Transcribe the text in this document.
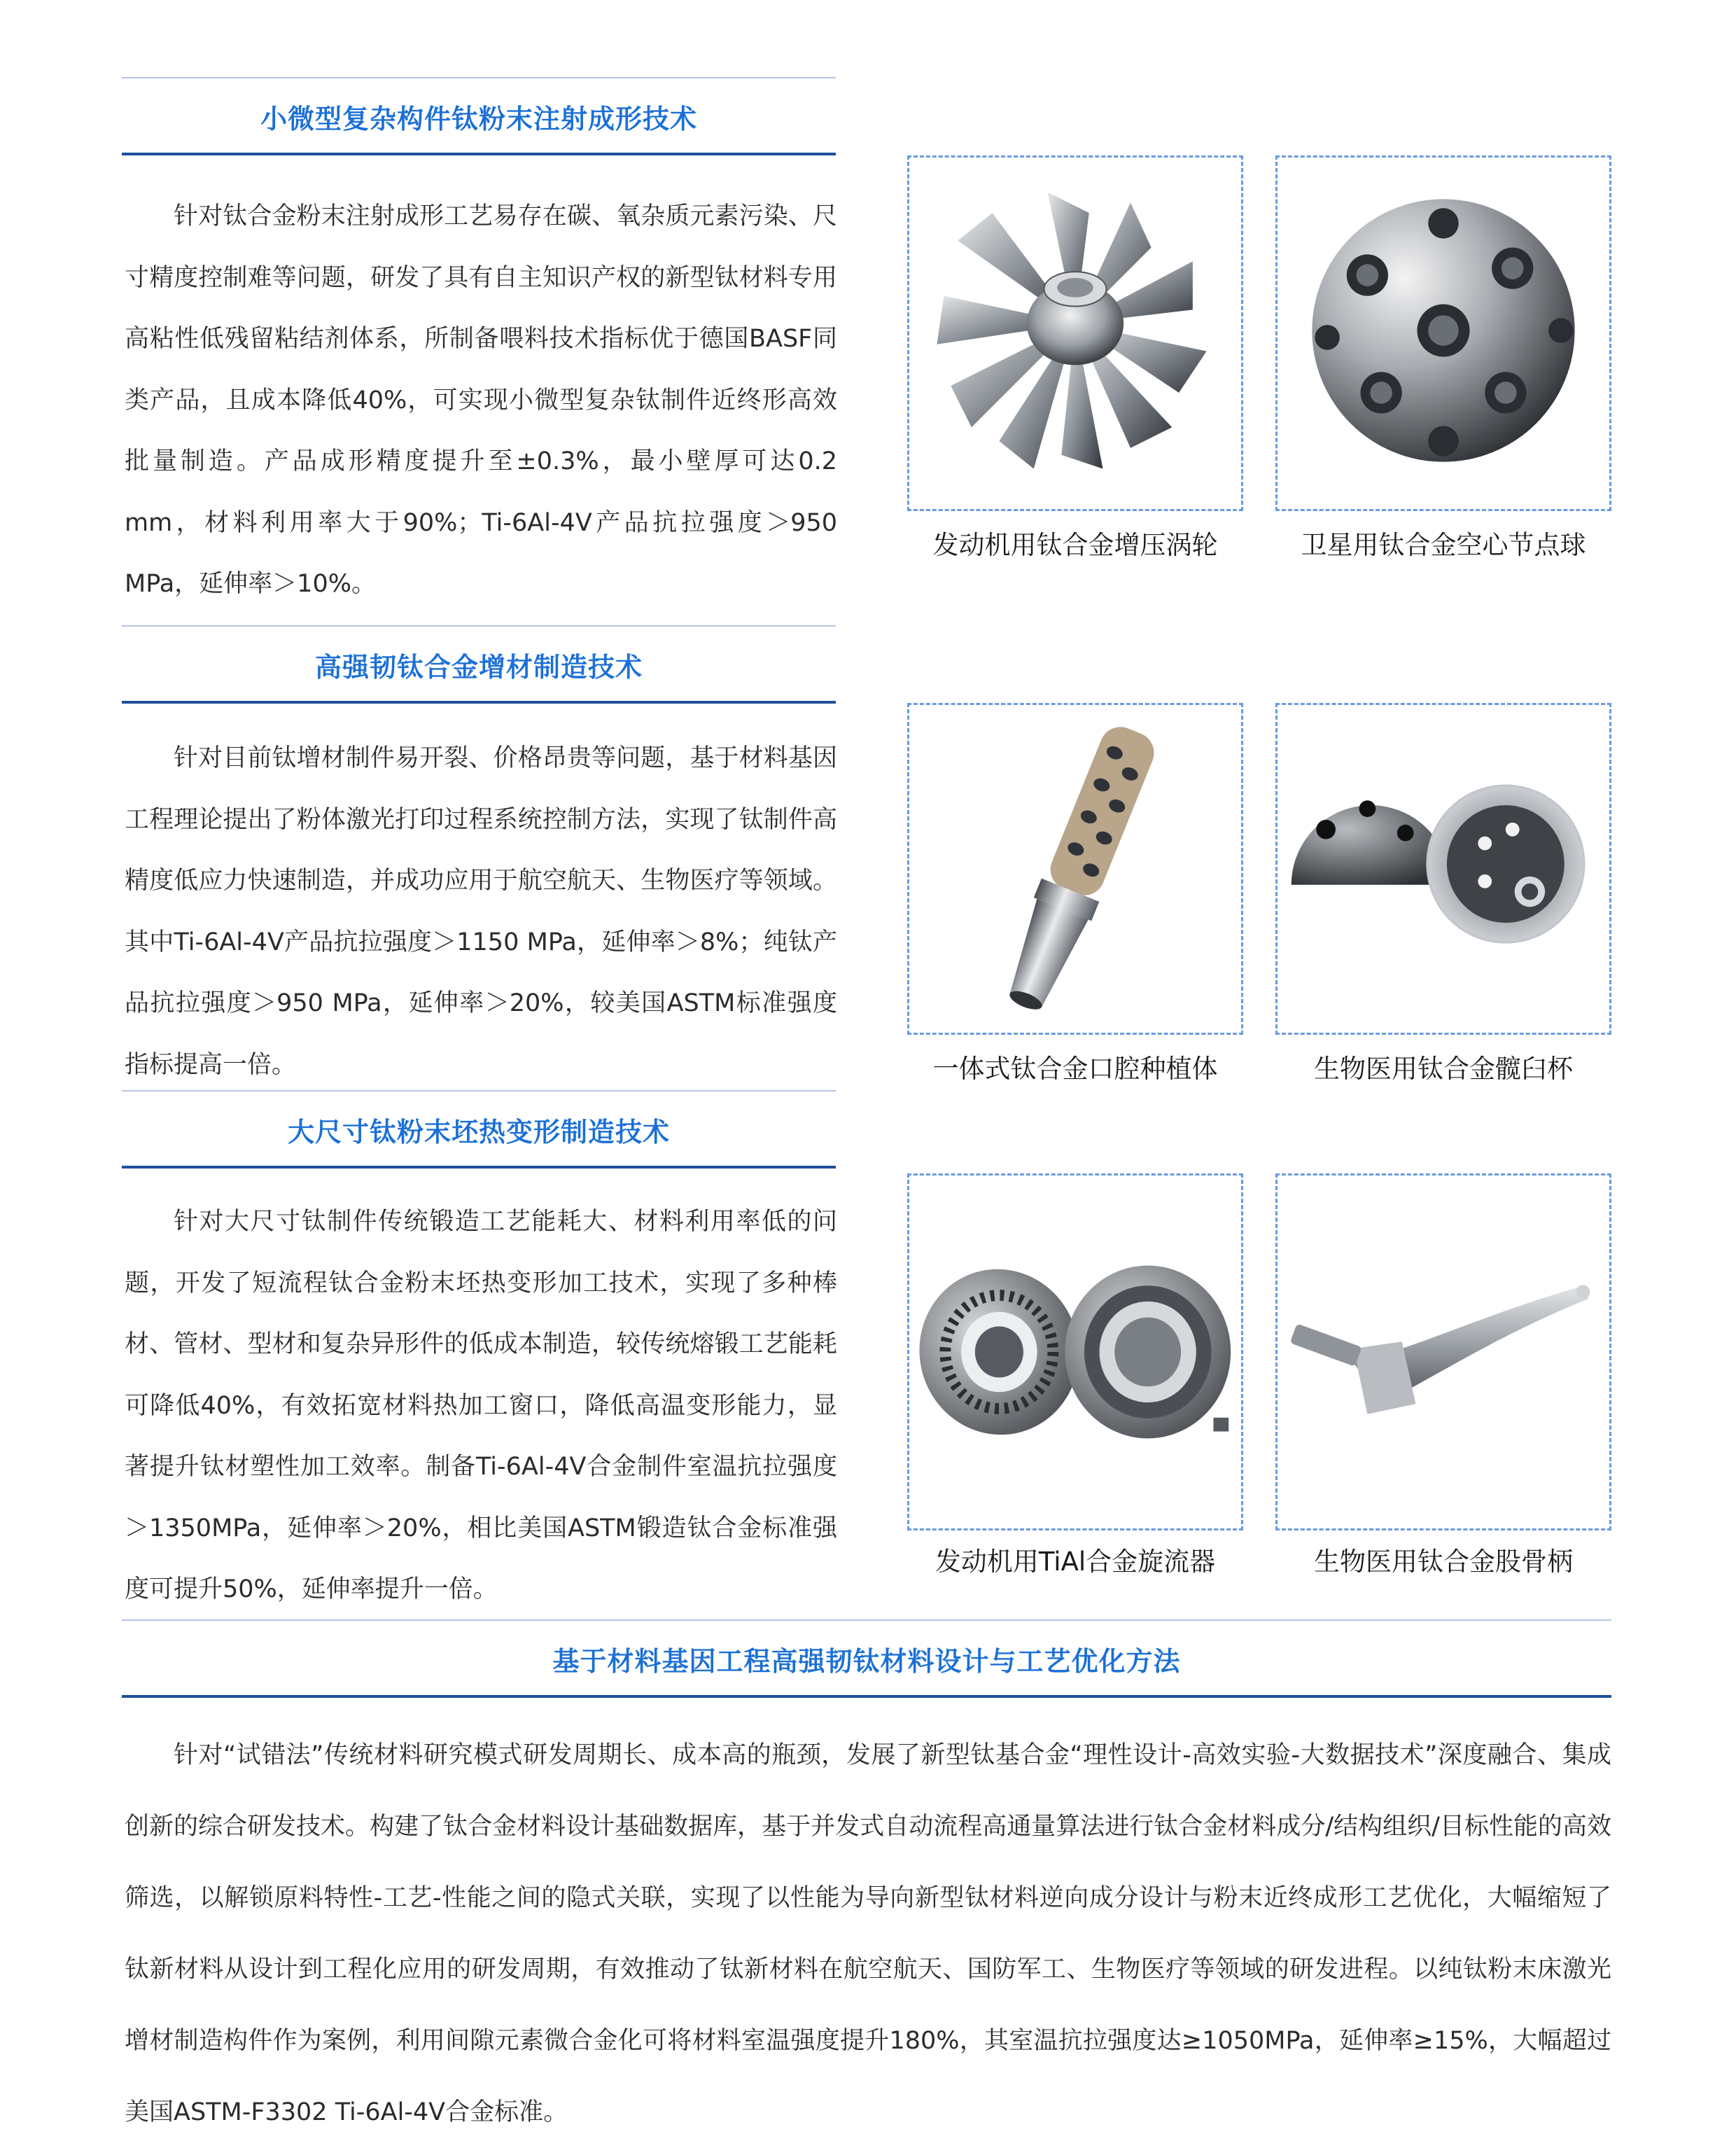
小微型复杂构件钛粉末注射成形技术

针对钛合金粉末注射成形工艺易存在碳、氧杂质元素污染、尺寸精度控制难等问题，研发了具有自主知识产权的新型钛材料专用高粘性低残留粘结剂体系，所制备喂料技术指标优于德国BASF同类产品，且成本降低40%，可实现小微型复杂钛制件近终形高效批量制造。产品成形精度提升至±0.3%，最小壁厚可达0.2 mm，材料利用率大于90%；Ti-6Al-4V产品抗拉强度＞950 MPa，延伸率＞10%。

高强韧钛合金增材制造技术

针对目前钛增材制件易开裂、价格昂贵等问题，基于材料基因工程理论提出了粉体激光打印过程系统控制方法，实现了钛制件高精度低应力快速制造，并成功应用于航空航天、生物医疗等领域。其中Ti-6Al-4V产品抗拉强度＞1150 MPa，延伸率＞8%；纯钛产品抗拉强度＞950 MPa，延伸率＞20%，较美国ASTM标准强度指标提高一倍。

大尺寸钛粉末坯热变形制造技术

针对大尺寸钛制件传统锻造工艺能耗大、材料利用率低的问题，开发了短流程钛合金粉末坯热变形加工技术，实现了多种棒材、管材、型材和复杂异形件的低成本制造，较传统熔锻工艺能耗可降低40%，有效拓宽材料热加工窗口，降低高温变形能力，显著提升钛材塑性加工效率。制备Ti-6Al-4V合金制件室温抗拉强度＞1350MPa，延伸率＞20%，相比美国ASTM锻造钛合金标准强度可提升50%，延伸率提升一倍。

基于材料基因工程高强韧钛材料设计与工艺优化方法

针对“试错法”传统材料研究模式研发周期长、成本高的瓶颈，发展了新型钛基合金“理性设计-高效实验-大数据技术”深度融合、集成创新的综合研发技术。构建了钛合金材料设计基础数据库，基于并发式自动流程高通量算法进行钛合金材料成分/结构组织/目标性能的高效筛选，以解锁原料特性-工艺-性能之间的隐式关联，实现了以性能为导向新型钛材料逆向成分设计与粉末近终成形工艺优化，大幅缩短了钛新材料从设计到工程化应用的研发周期，有效推动了钛新材料在航空航天、国防军工、生物医疗等领域的研发进程。以纯钛粉末床激光增材制造构件作为案例，利用间隙元素微合金化可将材料室温强度提升180%，其室温抗拉强度达≥1050MPa，延伸率≥15%，大幅超过美国ASTM-F3302 Ti-6Al-4V合金标准。

发动机用钛合金增压涡轮	卫星用钛合金空心节点球
一体式钛合金口腔种植体	生物医用钛合金髋臼杯
发动机用TiAl合金旋流器	生物医用钛合金股骨柄
